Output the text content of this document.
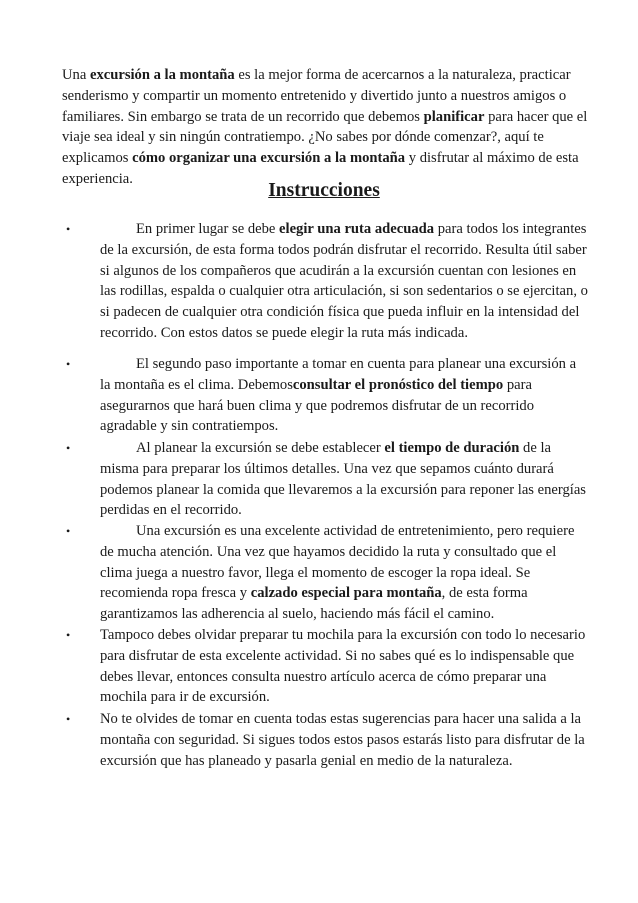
Una excursión a la montaña es la mejor forma de acercarnos a la naturaleza, practicar senderismo y compartir un momento entretenido y divertido junto a nuestros amigos o familiares. Sin embargo se trata de un recorrido que debemos planificar para hacer que el viaje sea ideal y sin ningún contratiempo. ¿No sabes por dónde comenzar?, aquí te explicamos cómo organizar una excursión a la montaña y disfrutar al máximo de esta experiencia.

Instrucciones
•	En primer lugar se debe elegir una ruta adecuada para todos los integrantes de la excursión, de esta forma todos podrán disfrutar el recorrido. Resulta útil saber si algunos de los compañeros que acudirán a la excursión cuentan con lesiones en las rodillas, espalda o cualquier otra articulación, si son sedentarios o se ejercitan, o si padecen de cualquier otra condición física que pueda influir en la intensidad del recorrido. Con estos datos se puede elegir la ruta más indicada.

•	El segundo paso importante a tomar en cuenta para planear una excursión a la montaña es el clima. Debemosconsultar el pronóstico del tiempo para asegurarnos que hará buen clima y que podremos disfrutar de un recorrido agradable y sin contratiempos.

•	Al planear la excursión se debe establecer el tiempo de duración de la misma para preparar los últimos detalles. Una vez que sepamos cuánto durará podemos planear la comida que llevaremos a la excursión para reponer las energías perdidas en el recorrido.

•	Una excursión es una excelente actividad de entretenimiento, pero requiere de mucha atención. Una vez que hayamos decidido la ruta y consultado que el clima juega a nuestro favor, llega el momento de escoger la ropa ideal. Se recomienda ropa fresca y calzado especial para montaña, de esta forma garantizamos las adherencia al suelo, haciendo más fácil el camino.

•	Tampoco debes olvidar preparar tu mochila para la excursión con todo lo necesario para disfrutar de esta excelente actividad. Si no sabes qué es lo indispensable que debes llevar, entonces consulta nuestro artículo acerca de cómo preparar una mochila para ir de excursión.

•	No te olvides de tomar en cuenta todas estas sugerencias para hacer una salida a la montaña con seguridad. Si sigues todos estos pasos estarás listo para disfrutar de la excursión que has planeado y pasarla genial en medio de la naturaleza.
